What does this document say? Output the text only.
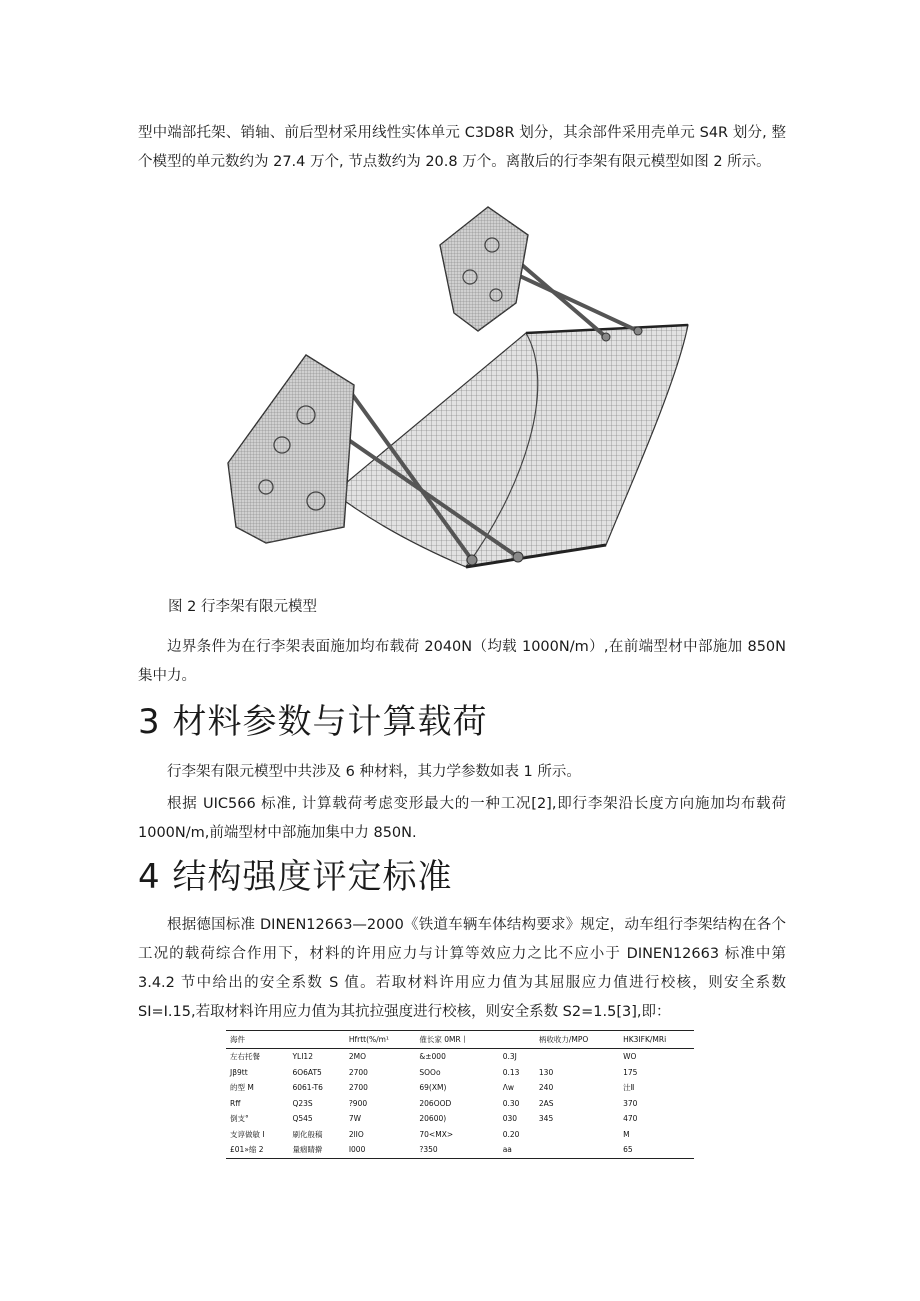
型中端部托架、销轴、前后型材采用线性实体单元 C3D8R 划分，其余部件采用壳单元 S4R 划分, 整个模型的单元数约为 27.4 万个, 节点数约为 20.8 万个。离散后的行李架有限元模型如图 2 所示。

图 2 行李架有限元模型

边界条件为在行李架表面施加均布载荷 2040N（均载 1000N/m）,在前端型材中部施加 850N 集中力。

3 材料参数与计算载荷

行李架有限元模型中共涉及 6 种材料，其力学参数如表 1 所示。

根据 UIC566 标准, 计算载荷考虑变形最大的一种工况[2],即行李架沿长度方向施加均布载荷 1000N/m,前端型材中部施加集中力 850N.

4 结构强度评定标准

根据德国标准 DINEN12663—2000《铁道车辆车体结构要求》规定，动车组行李架结构在各个工况的载荷综合作用下，材料的许用应力与计算等效应力之比不应小于 DINEN12663 标准中第 3.4.2 节中给出的安全系数 S 值。若取材料许用应力值为其屈服应力值进行校核，则安全系数 SI=I.15,若取材料许用应力值为其抗拉强度进行校核，则安全系数 S2=1.5[3],即：

海件		Hfrtt(%/m¹	傕长家 0MR丨		柄收收力/MPO	HK3IFK/MRi
左右托餐	YLI12	2MO	&±000	0.3J		WO
Jβ9tt	6O6AT5	2700	SOOo	0.13	130	175
的型 M	6061-T6	2700	69(XM)	Λw	240	汢Ⅱ
Rff	Q23S	?900	206OOD	0.30	2AS	370
倒支°	Q545	7W	20600)	030	345	470
支谆做敏 I	刷化般稿	2lIO	70<MX>	0.20		M
£01»缩 2	量痼睛擀	I000	?350	aa		65
